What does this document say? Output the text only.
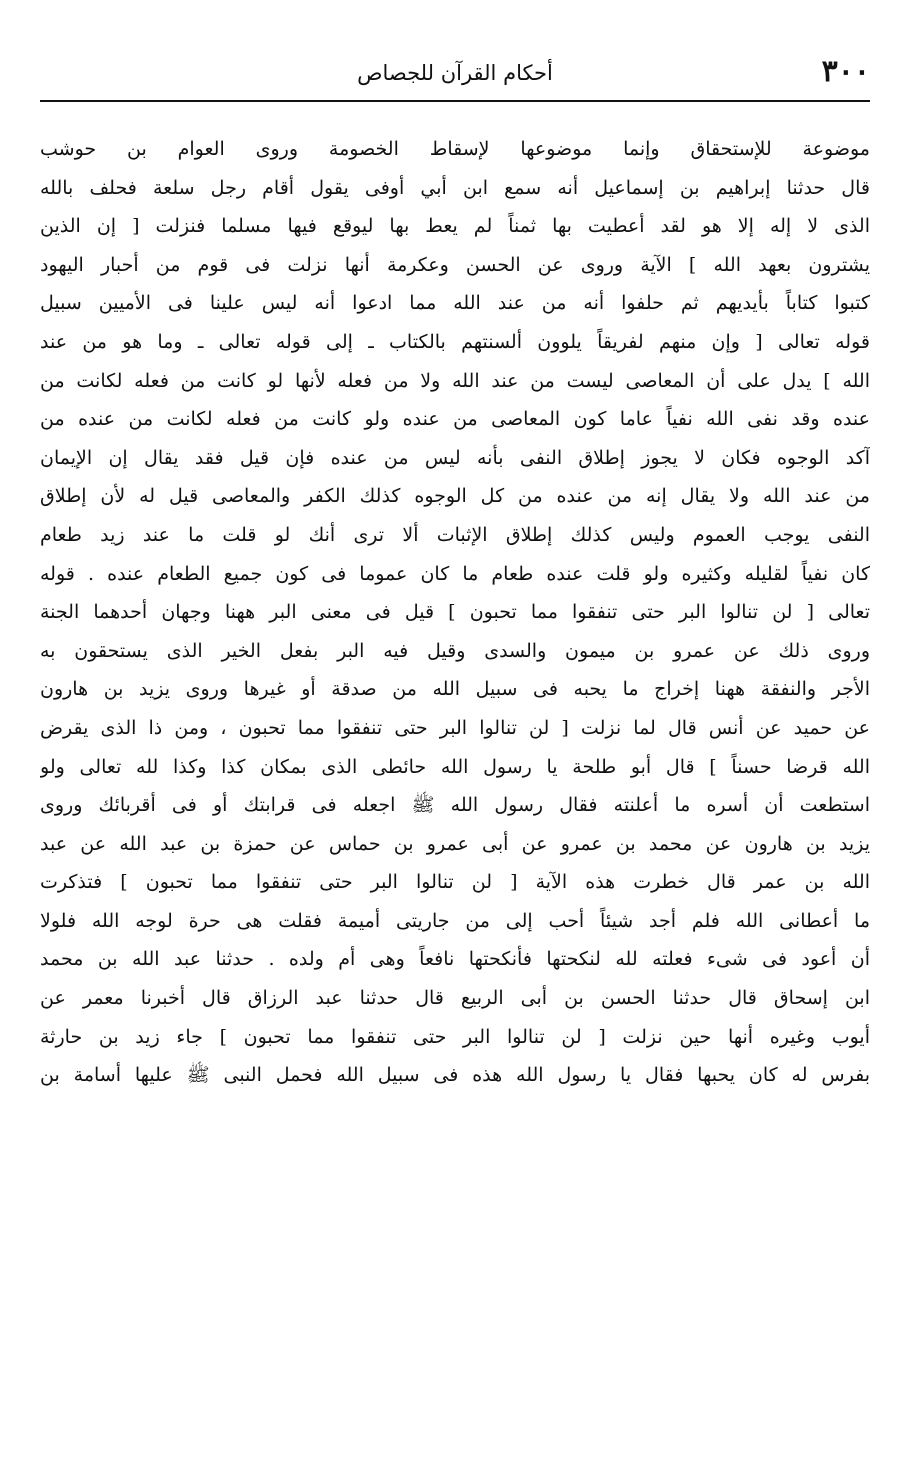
٣٠٠
أحكام القرآن للجصاص
موضوعة للإستحقاق وإنما موضوعها لإسقاط الخصومة وروى العوام بن حوشب
قال حدثنا إبراهيم بن إسماعيل أنه سمع ابن أبي أوفى يقول أقام رجل سلعة فحلف بالله
الذى لا إله إلا هو لقد أعطيت بها ثمناً لم يعط بها ليوقع فيها مسلما فنزلت [ إن الذين
يشترون بعهد الله ] الآية وروى عن الحسن وعكرمة أنها نزلت فى قوم من أحبار اليهود
كتبوا كتاباً بأيديهم ثم حلفوا أنه من عند الله مما ادعوا أنه ليس علينا فى الأميين سبيل
قوله تعالى [ وإن منهم لفريقاً يلوون ألسنتهم بالكتاب ـ إلى قوله تعالى ـ وما هو من عند
الله ] يدل على أن المعاصى ليست من عند الله ولا من فعله لأنها لو كانت من فعله لكانت من
عنده وقد نفى الله نفياً عاما كون المعاصى من عنده ولو كانت من فعله لكانت من عنده من
آكد الوجوه فكان لا يجوز إطلاق النفى بأنه ليس من عنده فإن قيل فقد يقال إن الإيمان
من عند الله ولا يقال إنه من عنده من كل الوجوه كذلك الكفر والمعاصى قيل له لأن إطلاق
النفى يوجب العموم وليس كذلك إطلاق الإثبات ألا ترى أنك لو قلت ما عند زيد طعام
كان نفياً لقليله وكثيره ولو قلت عنده طعام ما كان عموما فى كون جميع الطعام عنده . قوله
تعالى [ لن تنالوا البر حتى تنفقوا مما تحبون ] قيل فى معنى البر ههنا وجهان أحدهما الجنة
وروى ذلك عن عمرو بن ميمون والسدى وقيل فيه البر بفعل الخير الذى يستحقون به
الأجر والنفقة ههنا إخراج ما يحبه فى سبيل الله من صدقة أو غيرها وروى يزيد بن هارون
عن حميد عن أنس قال لما نزلت [ لن تنالوا البر حتى تنفقوا مما تحبون ، ومن ذا الذى يقرض
الله قرضا حسناً ] قال أبو طلحة يا رسول الله حائطى الذى بمكان كذا وكذا لله تعالى ولو
استطعت أن أسره ما أعلنته فقال رسول الله ﷺ اجعله فى قرابتك أو فى أقربائك وروى
يزيد بن هارون عن محمد بن عمرو عن أبى عمرو بن حماس عن حمزة بن عبد الله عن عبد
الله بن عمر قال خطرت هذه الآية [ لن تنالوا البر حتى تنفقوا مما تحبون ] فتذكرت
ما أعطانى الله فلم أجد شيئاً أحب إلى من جاريتى أميمة فقلت هى حرة لوجه الله فلولا
أن أعود فى شىء فعلته لله لنكحتها فأنكحتها نافعاً وهى أم ولده . حدثنا عبد الله بن محمد
ابن إسحاق قال حدثنا الحسن بن أبى الربيع قال حدثنا عبد الرزاق قال أخبرنا معمر عن
أيوب وغيره أنها حين نزلت [ لن تنالوا البر حتى تنفقوا مما تحبون ] جاء زيد بن حارثة
بفرس له كان يحبها فقال يا رسول الله هذه فى سبيل الله فحمل النبى ﷺ عليها أسامة بن
